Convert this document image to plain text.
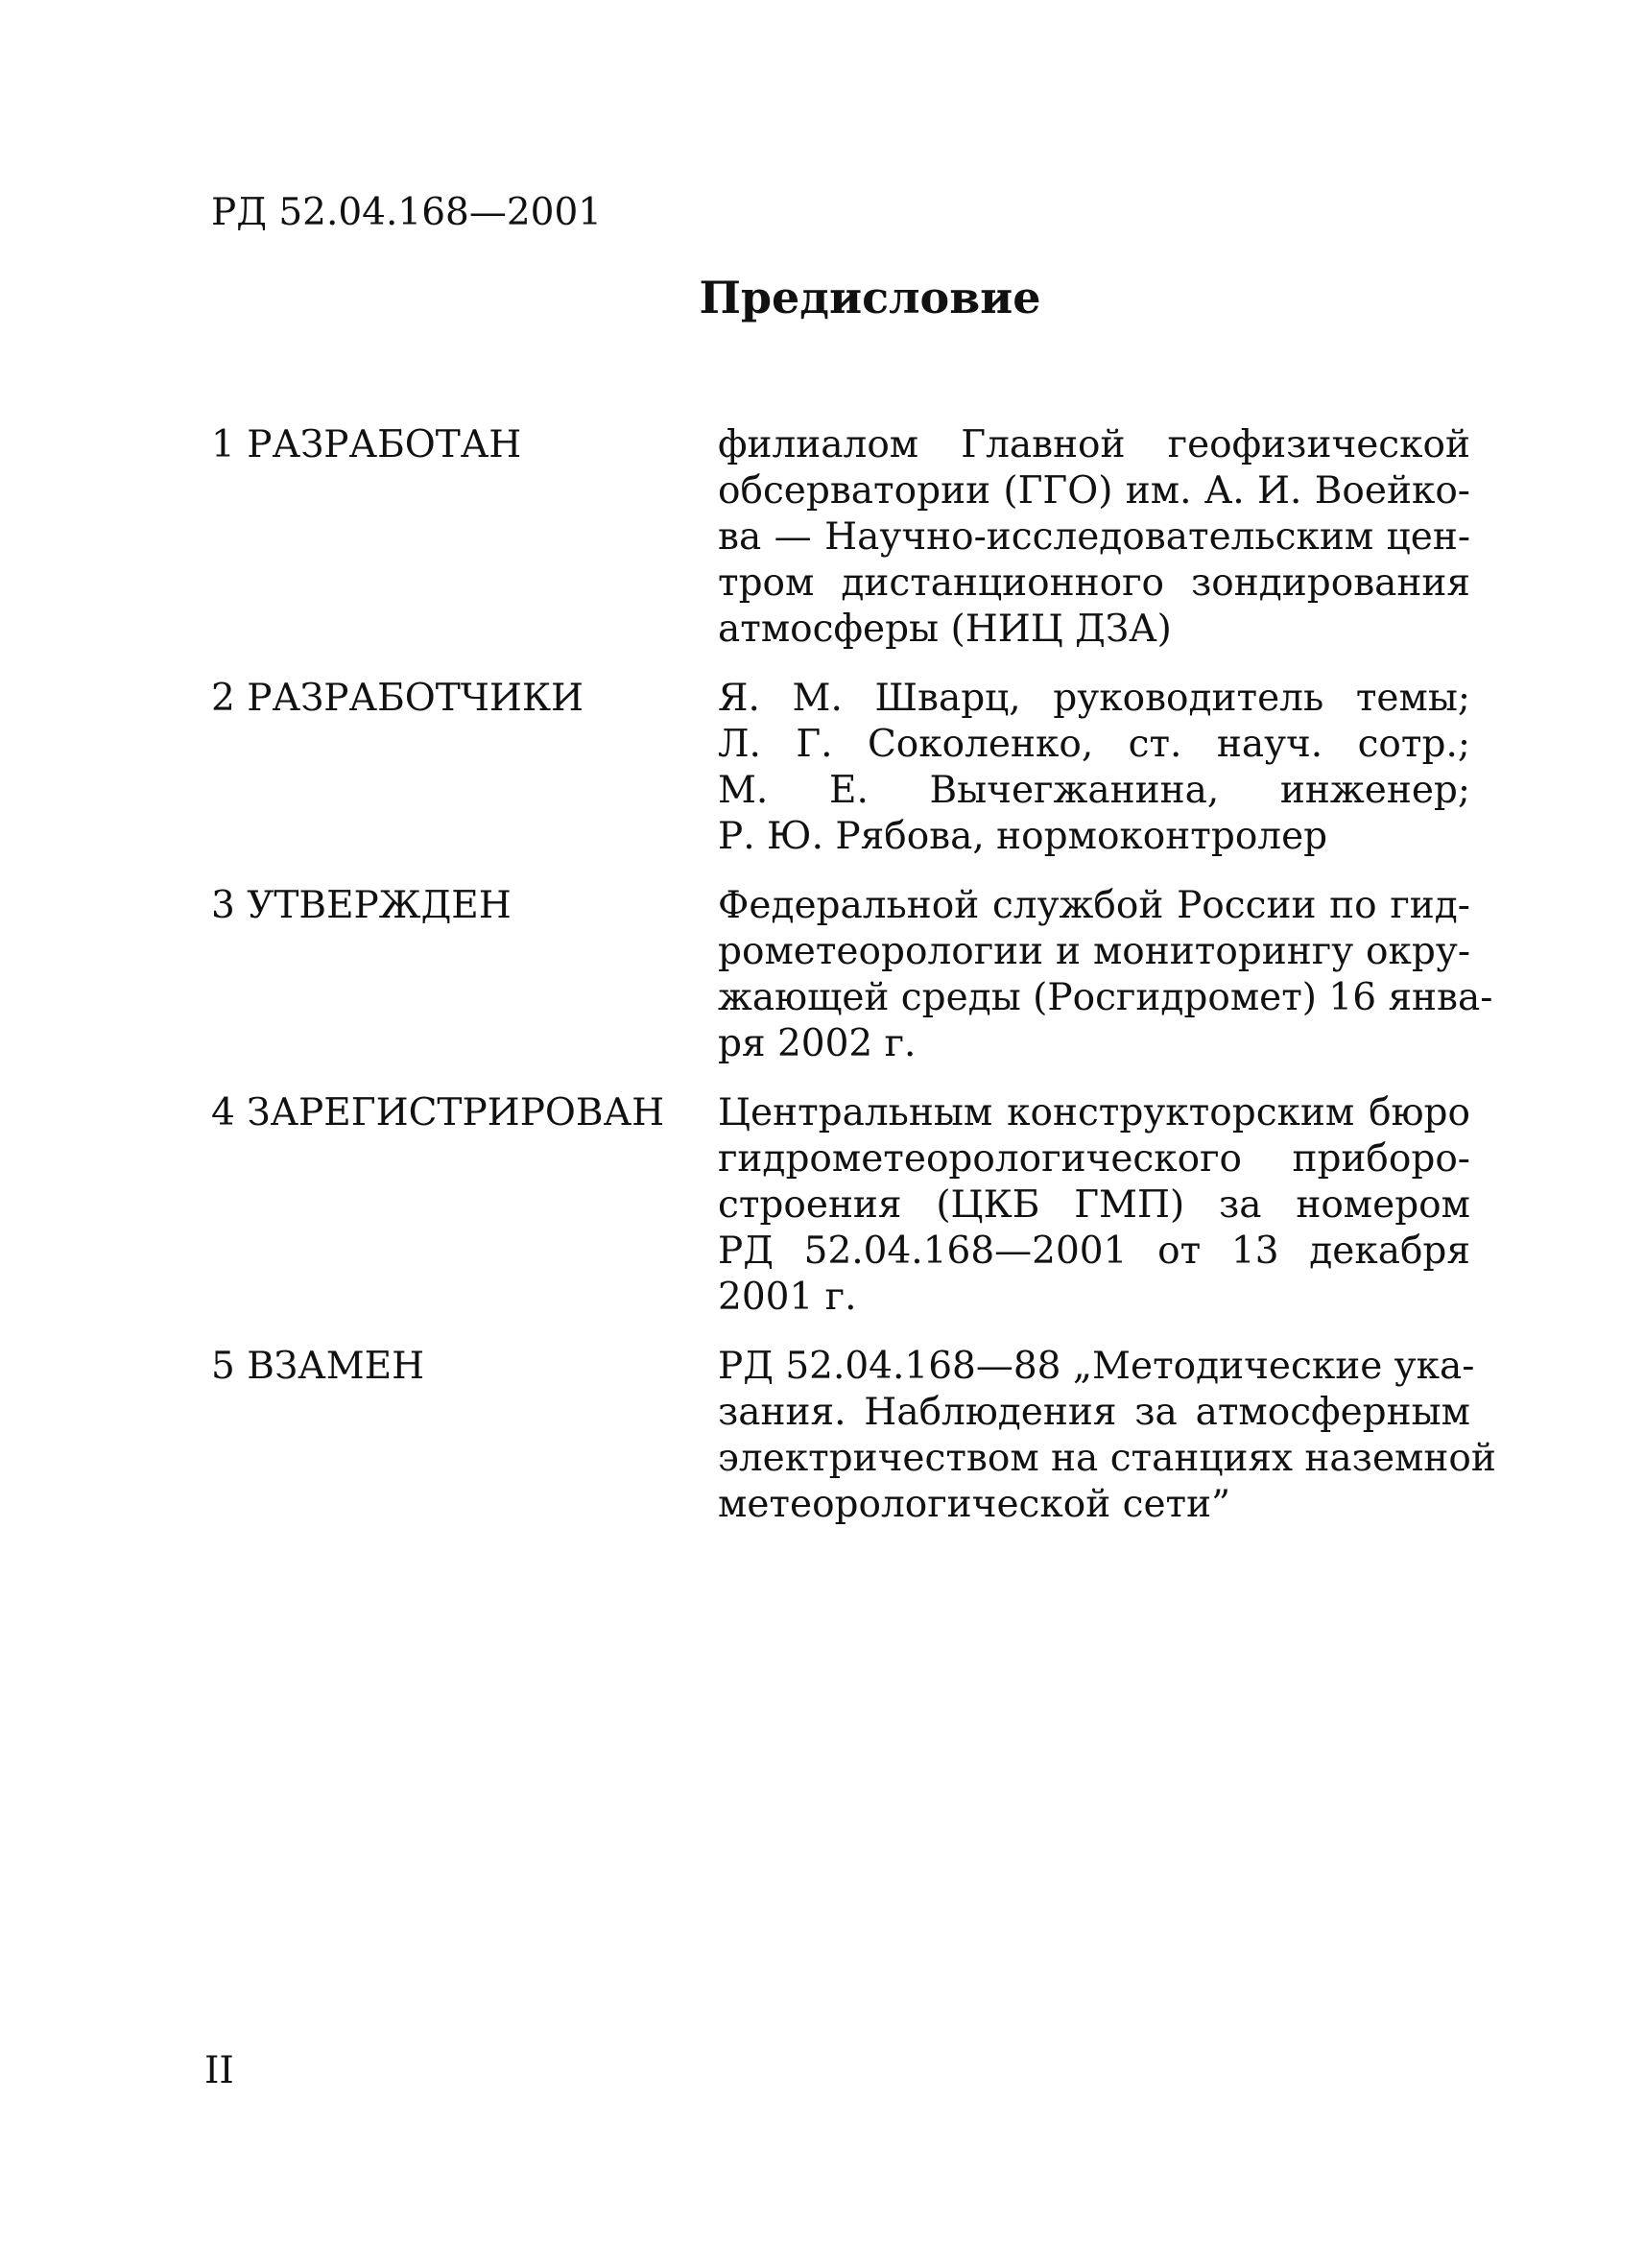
РД 52.04.168—2001
Предисловие
1 РАЗРАБОТАН	филиалом Главной геофизической
обсерватории (ГГО) им. А. И. Воейко-
ва — Научно-исследовательским цен-
тром дистанционного зондирования
атмосферы (НИЦ ДЗА)
2 РАЗРАБОТЧИКИ	Я. М. Шварц, руководитель темы;
Л. Г. Соколенко, ст. науч. сотр.;
М. Е. Вычегжанина, инженер;
Р. Ю. Рябова, нормоконтролер
3 УТВЕРЖДЕН	Федеральной службой России по гид-
рометеорологии и мониторингу окру-
жающей среды (Росгидромет) 16 янва-
ря 2002 г.
4 ЗАРЕГИСТРИРОВАН	Центральным конструкторским бюро
гидрометеорологического приборо-
строения (ЦКБ ГМП) за номером
РД 52.04.168—2001 от 13 декабря
2001 г.
5 ВЗАМЕН	РД 52.04.168—88 „Методические ука-
зания. Наблюдения за атмосферным
электричеством на станциях наземной
метеорологической сети”
II
